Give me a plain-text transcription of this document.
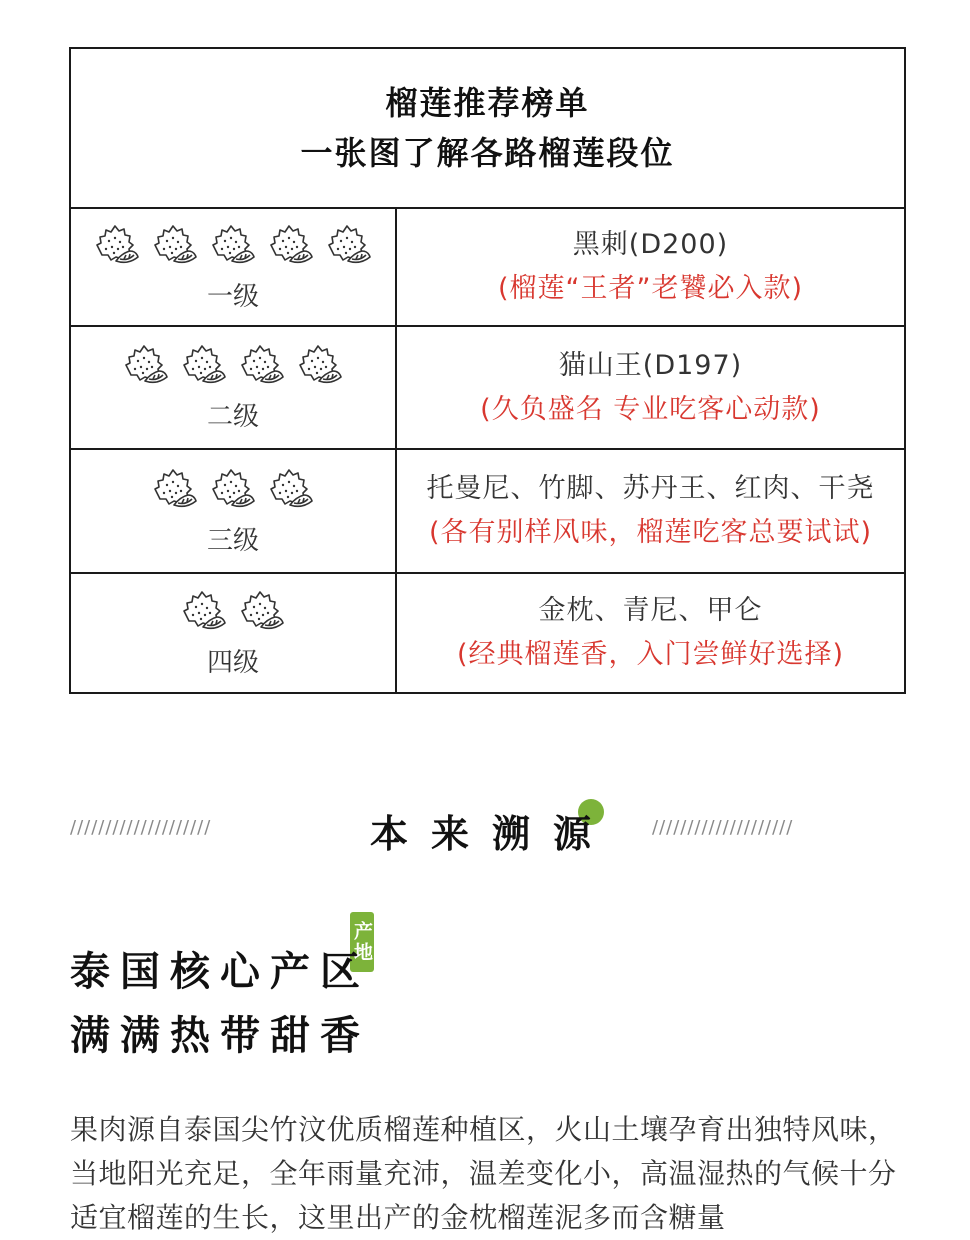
榴莲推荐榜单
一张图了解各路榴莲段位
一级
黑刺(D200)
(榴莲“王者”老饕必入款)
二级
猫山王(D197)
(久负盛名 专业吃客心动款)
三级
托曼尼、竹脚、苏丹王、红肉、干尧
(各有别样风味，榴莲吃客总要试试)
四级
金枕、青尼、甲仑
(经典榴莲香，入门尝鲜好选择)
////////////////////	本来溯源 ////////////////////
产地
泰国核心产区
满满热带甜香
果肉源自泰国尖竹汶优质榴莲种植区，火山土壤孕育出独特风味，当地阳光充足，全年雨量充沛，温差变化小，高温湿热的气候十分适宜榴莲的生长，这里出产的金枕榴莲泥多而含糖量
